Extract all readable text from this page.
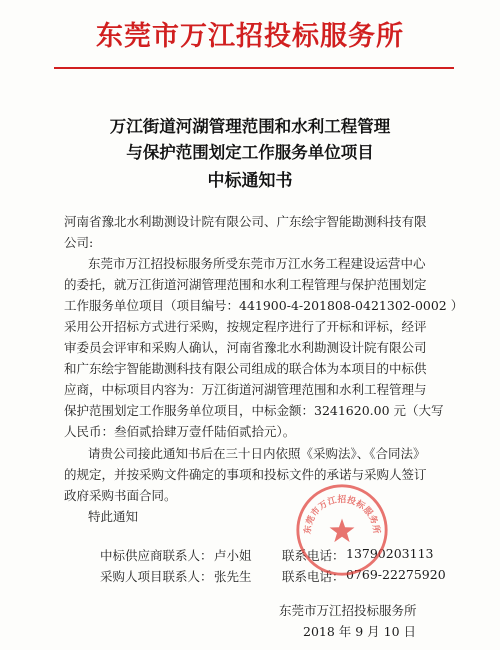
东莞市万江招投标服务所
万江街道河湖管理范围和水利工程管理
与保护范围划定工作服务单位项目
中标通知书
河南省豫北水利勘测设计院有限公司、广东绘宇智能勘测科技有限
公司:
东莞市万江招投标服务所受东莞市万江水务工程建设运营中心
的委托，就万江街道河湖管理范围和水利工程管理与保护范围划定
工作服务单位项目（项目编号：441900-4-201808-0421302-0002 ）
采用公开招标方式进行采购，按规定程序进行了开标和评标，经评
审委员会评审和采购人确认，河南省豫北水利勘测设计院有限公司
和广东绘宇智能勘测科技有限公司组成的联合体为本项目的中标供
应商，中标项目内容为：万江街道河湖管理范围和水利工程管理与
保护范围划定工作服务单位项目，中标金额：3241620.00 元（大写
人民币：叁佰贰拾肆万壹仟陆佰贰拾元）。
请贵公司接此通知书后在三十日内依照《采购法》、《合同法》
的规定，并按采购文件确定的事项和投标文件的承诺与采购人签订
政府采购书面合同。
特此通知
中标供应商联系人： 卢小姐 联系电话： 13790203113
采购人项目联系人： 张先生 联系电话： 0769-22275920
东莞市万江招投标服务所
东莞市万江招投标服务所
2018 年 9 月 10 日
